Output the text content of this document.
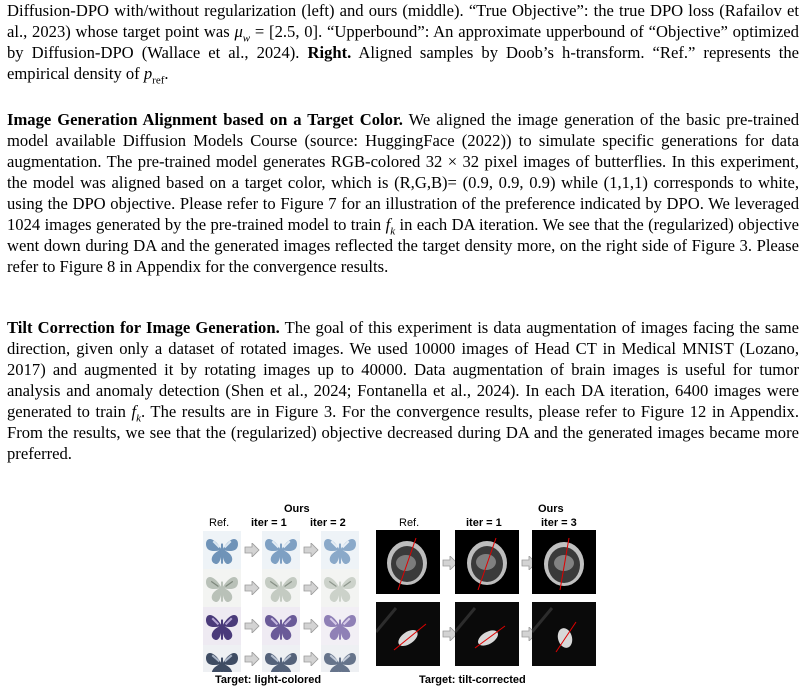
Diffusion-DPO with/without regularization (left) and ours (middle). “True Objective”: the true DPO loss (Rafailov et al., 2023) whose target point was $\mu_w = [2.5$, 0]. “Upperbound”: An approximate upperbound of “Objective” optimized by Diffusion-DPO (Wallace et al., 2024). Right. Aligned samples by Doob’s h-transform. “Ref.” represents the empirical density of $p_{ref}$.

Image Generation Alignment based on a Target Color. We aligned the image generation of the basic pre-trained model available Diffusion Models Course (source: HuggingFace (2022)) to simulate specific generations for data augmentation. The pre-trained model generates RGB-colored 32 × 32 pixel images of butterflies. In this experiment, the model was aligned based on a target color, which is (R,G,B)= (0.9, 0.9, 0.9) while (1,1,1) corresponds to white, using the DPO objective. Please refer to Figure 7 for an illustration of the preference indicated by DPO. We leveraged 1024 images generated by the pre-trained model to train $f_k$ in each DA iteration. We see that the (regularized) objective went down during DA and the generated images reflected the target density more, on the right side of Figure 3. Please refer to Figure 8 in Appendix for the convergence results.

Tilt Correction for Image Generation. The goal of this experiment is data augmentation of images facing the same direction, given only a dataset of rotated images. We used 10000 images of Head CT in Medical MNIST (Lozano, 2017) and augmented it by rotating images up to 40000. Data augmentation of brain images is useful for tumor analysis and anomaly detection (Shen et al., 2024; Fontanella et al., 2024). In each DA iteration, 6400 images were generated to train $f_k$. The results are in Figure 3. For the convergence results, please refer to Figure 12 in Appendix. From the results, we see that the (regularized) objective decreased during DA and the generated images became more preferred.

Ours
Ref. iter = 1 iter = 2
Target: light-colored
Ours
Ref.	iter = 1	iter = 3
Target: tilt-corrected
